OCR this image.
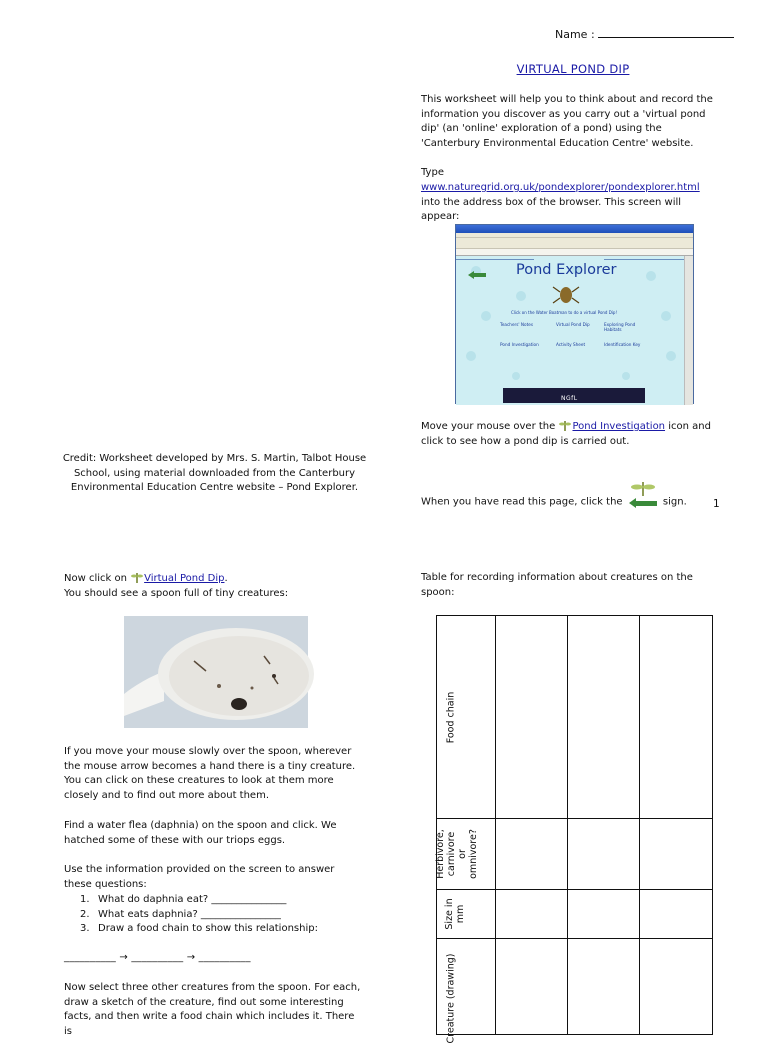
Name :
VIRTUAL POND DIP

This worksheet will help you to think about and record the information you discover as you carry out a 'virtual pond dip' (an 'online' exploration of a pond) using the 'Canterbury Environmental Education Centre' website.

Type

www.naturegrid.org.uk/pondexplorer/pondexplorer.html into the address box of the browser. This screen will appear:

Pond Explorer
Click on the Water Boatman to do a virtual Pond Dip!
Teachers' Notes	Virtual Pond Dip	Exploring Pond Habitats
Pond Investigation	Activity Sheet	Identification Key
NGfL

Move your mouse over the Pond Investigation icon and click to see how a pond dip is carried out.

When you have read this page, click the	sign.

Credit: Worksheet developed by Mrs. S. Martin, Talbot House School, using material downloaded from the Canterbury Environmental Education Centre website – Pond Explorer.

1
Now click on Virtual Pond Dip.
You should see a spoon full of tiny creatures:

If you move your mouse slowly over the spoon, wherever the mouse arrow becomes a hand there is a tiny creature. You can click on these creatures to look at them more closely and to find out more about them.

Find a water flea (daphnia) on the spoon and click. We hatched some of these with our triops eggs.

Use the information provided on the screen to answer these questions:

1. What do daphnia eat? _______________
2. What eats daphnia? ________________
3. Draw a food chain to show this relationship:

__________ → __________ → __________

Now select three other creatures from the spoon. For each, draw a sketch of the creature, find out some interesting facts, and then write a food chain which includes it. There is

Table for recording information about creatures on the spoon:

Food chain
Herbivore, carnivore or omnivore?
Size in mm
Creature (drawing)
